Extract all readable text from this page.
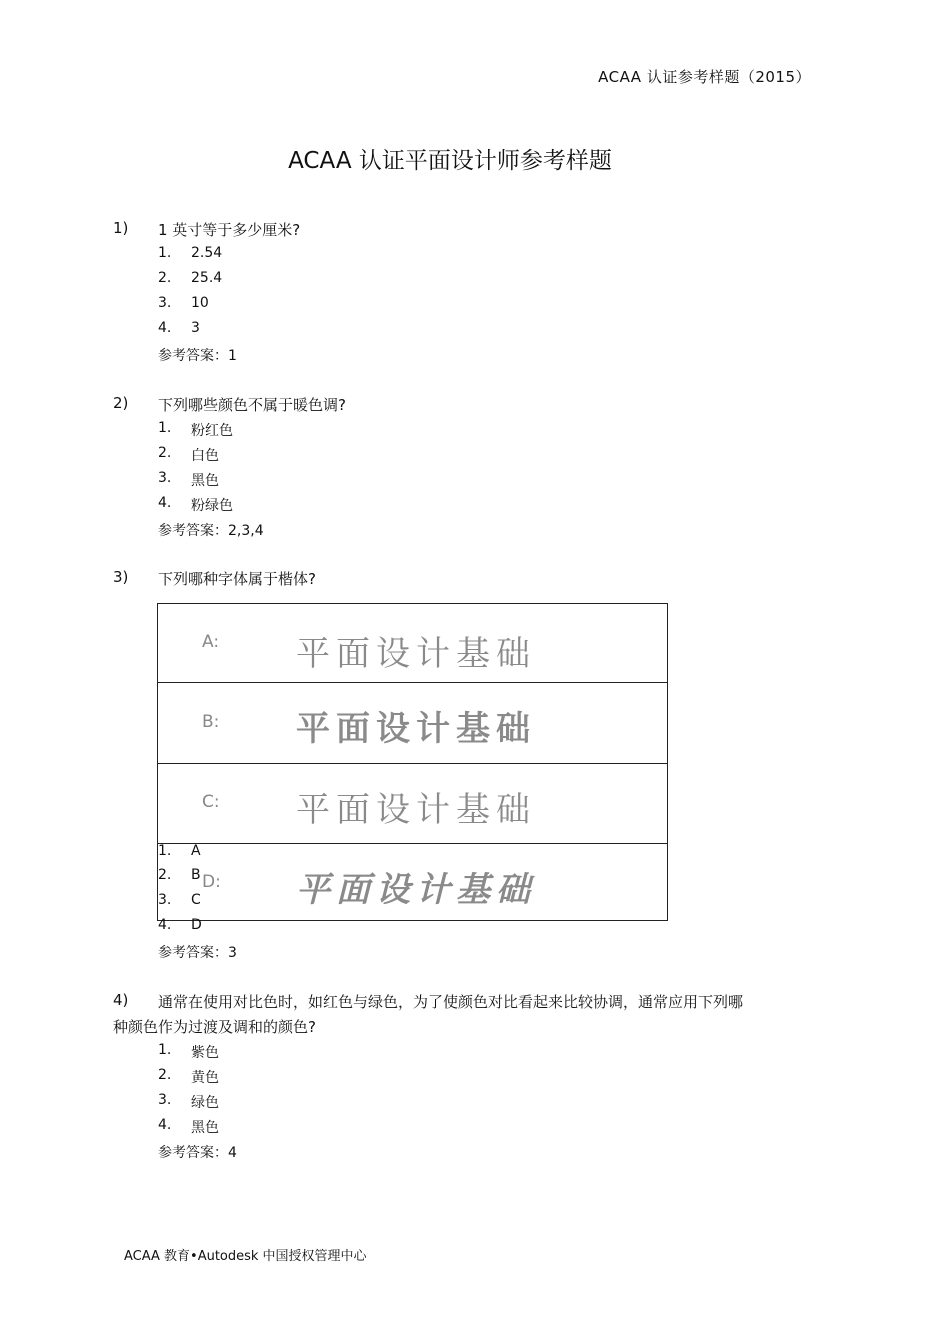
ACAA 认证参考样题（2015）
ACAA 认证平面设计师参考样题
1) 1 英寸等于多少厘米?
1. 2.54
2. 25.4
3. 10
4. 3
参考答案：1
2) 下列哪些颜色不属于暖色调?
1. 粉红色
2. 白色
3. 黑色
4. 粉绿色
参考答案：2,3,4
3) 下列哪种字体属于楷体?
A: 平面设计基础
B: 平面设计基础
C: 平面设计基础
D: 平面设计基础
1. A
2. B
3. C
4. D
参考答案：3
4) 通常在使用对比色时，如红色与绿色，为了使颜色对比看起来比较协调，通常应用下列哪
种颜色作为过渡及调和的颜色?
1. 紫色
2. 黄色
3. 绿色
4. 黑色
参考答案：4
ACAA 教育•Autodesk 中国授权管理中心
